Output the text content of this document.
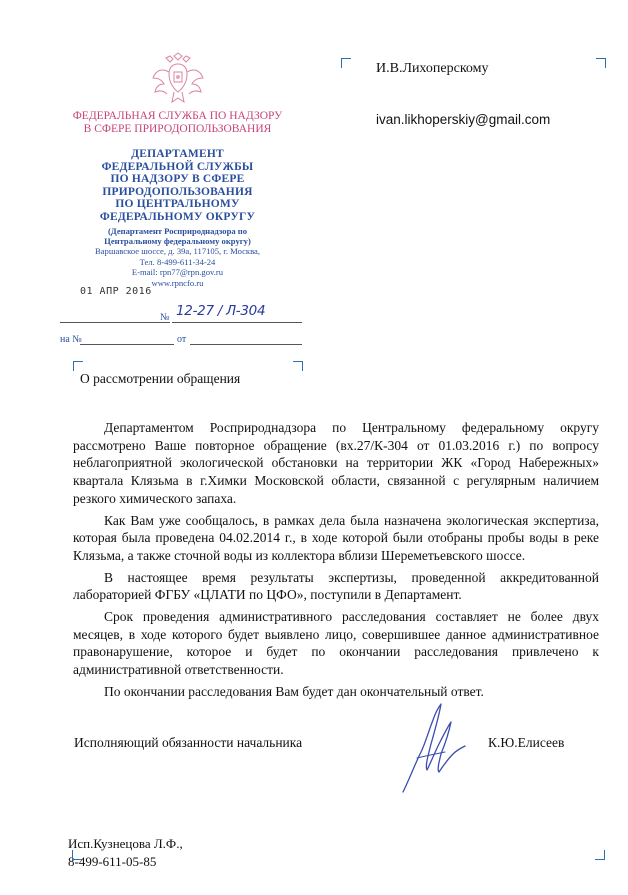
ФЕДЕРАЛЬНАЯ СЛУЖБА ПО НАДЗОРУ
В СФЕРЕ ПРИРОДОПОЛЬЗОВАНИЯ
ДЕПАРТАМЕНТ
ФЕДЕРАЛЬНОЙ СЛУЖБЫ
ПО НАДЗОРУ В СФЕРЕ
ПРИРОДОПОЛЬЗОВАНИЯ
ПО ЦЕНТРАЛЬНОМУ
ФЕДЕРАЛЬНОМУ ОКРУГУ
(Департамент Росприроднадзора по
Центральному федеральному округу)
Варшавское шоссе, д. 39а, 117105, г. Москва,
Тел. 8-499-611-34-24
E-mail: rpn77@rpn.gov.ru
www.rpncfo.ru
01 АПР 2016
№ 12-27 / Л-304
на №	от
И.В.Лихоперскому
ivan.likhoperskiy@gmail.com
О рассмотрении обращения

Департаментом Росприроднадзора по Центральному федеральному округу рассмотрено Ваше повторное обращение (вх.27/К-304 от 01.03.2016 г.) по вопросу неблагоприятной экологической обстановки на территории ЖК «Город Набережных» квартала Клязьма в г.Химки Московской области, связанной с регулярным наличием резкого химического запаха.

Как Вам уже сообщалось, в рамках дела была назначена экологическая экспертиза, которая была проведена 04.02.2014 г., в ходе которой были отобраны пробы воды в реке Клязьма, а также сточной воды из коллектора вблизи Шереметьевского шоссе.

В настоящее время результаты экспертизы, проведенной аккредитованной лабораторией ФГБУ «ЦЛАТИ по ЦФО», поступили в Департамент.

Срок проведения административного расследования составляет не более двух месяцев, в ходе которого будет выявлено лицо, совершившее данное административное правонарушение, которое и будет по окончании расследования привлечено к административной ответственности.

По окончании расследования Вам будет дан окончательный ответ.

Исполняющий обязанности начальника	К.Ю.Елисеев
Исп.Кузнецова Л.Ф.,
8-499-611-05-85
